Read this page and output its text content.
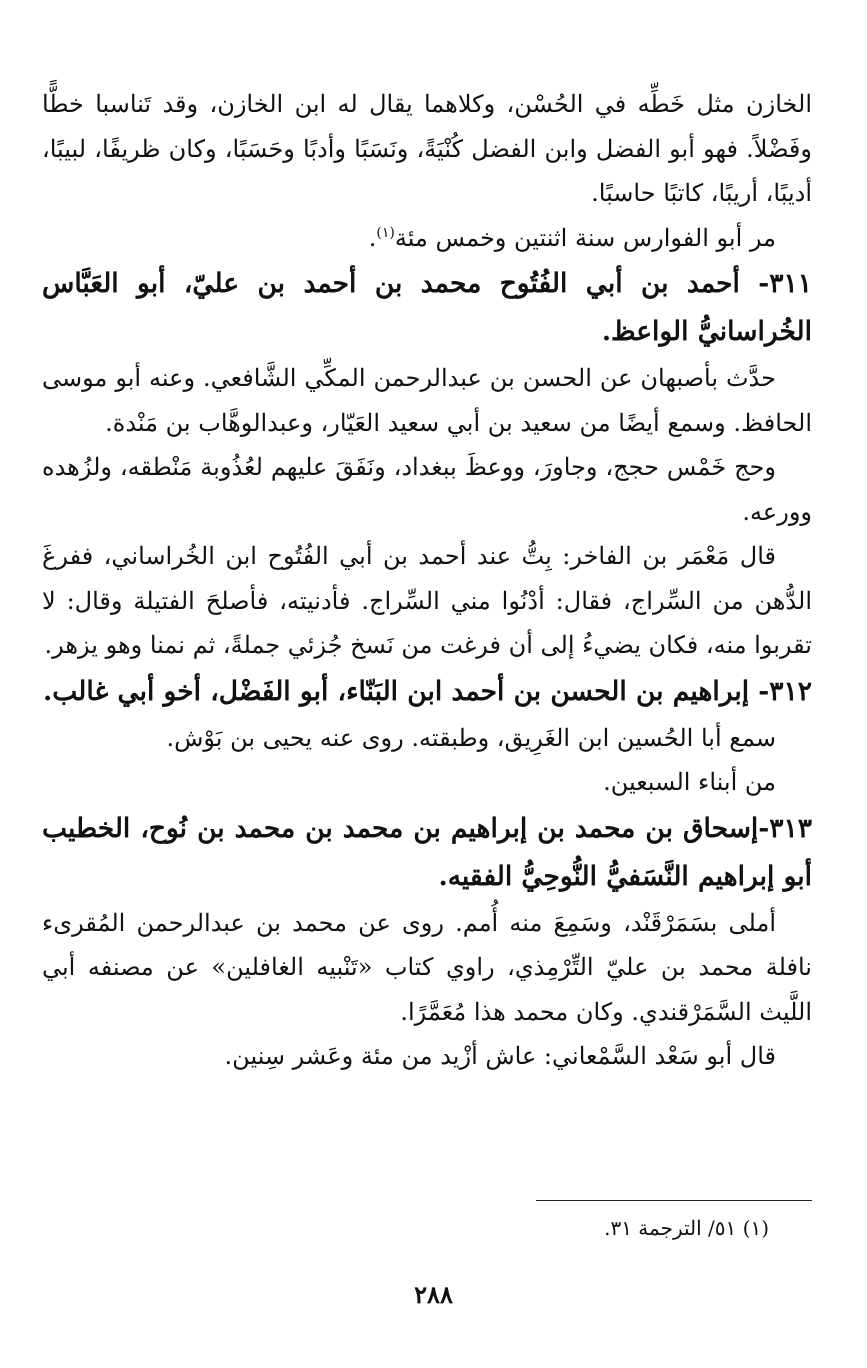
الخازن مثل خَطِّه في الحُسْن، وكلاهما يقال له ابن الخازن، وقد تَناسبا خطًّا وفَضْلاً. فهو أبو الفضل وابن الفضل كُنْيَةً، ونَسَبًا وأدبًا وحَسَبًا، وكان ظريفًا، لبيبًا، أديبًا، أريبًا، كاتبًا حاسبًا.

مر أبو الفوارس سنة اثنتين وخمس مئة$^{(١)}$.

٣١١- أحمد بن أبي الفُتُوح محمد بن أحمد بن عليّ، أبو العَبَّاس الخُراسانيُّ الواعظ.

حدَّث بأصبهان عن الحسن بن عبدالرحمن المكِّي الشَّافعي. وعنه أبو موسى الحافظ. وسمع أيضًا من سعيد بن أبي سعيد العَيّار، وعبدالوهَّاب بن مَنْدة.

وحج خَمْس حجج، وجاورَ، ووعظَ ببغداد، ونَفَقَ عليهم لعُذُوبة مَنْطقه، ولزُهده وورعه.

قال مَعْمَر بن الفاخر: بِتُّ عند أحمد بن أبي الفُتُوح ابن الخُراساني، ففرغَ الدُّهن من السِّراج، فقال: أدْنُوا مني السِّراج. فأدنيته، فأصلحَ الفتيلة وقال: لا تقربوا منه، فكان يضيءُ إلى أن فرغت من نَسخ جُزئي جملةً، ثم نمنا وهو يزهر.

٣١٢- إبراهيم بن الحسن بن أحمد ابن البَنّاء، أبو الفَضْل، أخو أبي غالب.

سمع أبا الحُسين ابن الغَرِيق، وطبقته. روى عنه يحيى بن بَوْش.

من أبناء السبعين.

٣١٣-إسحاق بن محمد بن إبراهيم بن محمد بن محمد بن نُوح، الخطيب أبو إبراهيم النَّسَفيُّ النُّوحِيُّ الفقيه.

أملى بسَمَرْقَنْد، وسَمِعَ منه أُمم. روى عن محمد بن عبدالرحمن المُقرىء نافلة محمد بن عليّ التِّرْمِذي، راوي كتاب «تَنْبيه الغافلين» عن مصنفه أبي اللَّيث السَّمَرْقندي. وكان محمد هذا مُعَمَّرًا.

قال أبو سَعْد السَّمْعاني: عاش أزْيد من مئة وعَشر سِنين.

(١) ٥١/ الترجمة ٣١.

٢٨٨
